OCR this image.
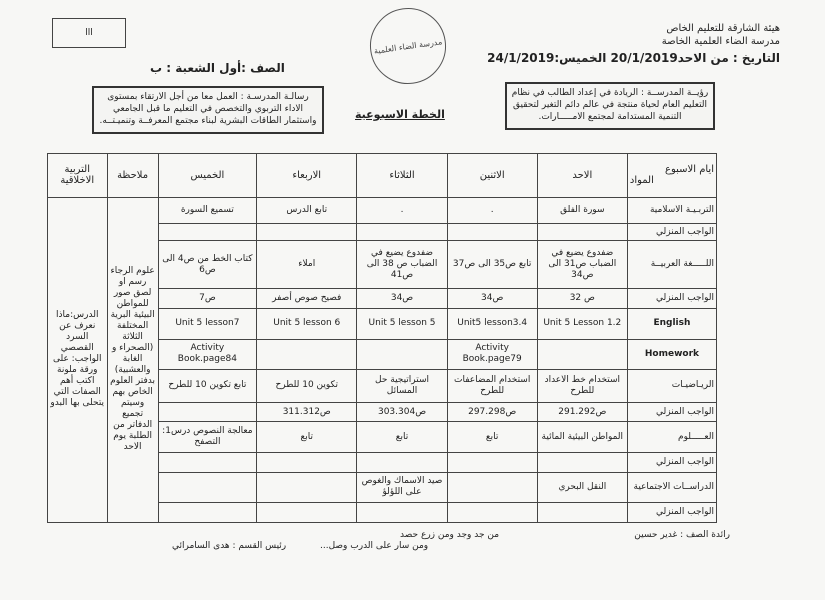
هيئة الشارقة للتعليم الخاص
مدرسة الضاء العلمية الخاصة
التاريخ : من الاحد20/1/2019 الخميس:24/1/2019
الصف :أول الشعبة : ب
مدرسة الضاء العلمية
ااا
رؤيــة المدرســة : الريادة في إعداد الطالب في نظام التعليم العام لحياة منتجة في عالم دائم التغير لتحقيق التنمية المستدامة لمجتمع الامـــــارات.
رسالـة المدرسـة : العمل معا من أجل الارتقاء بمستوى الاداء التربوي والتخصص في التعليم ما قبل الجامعي واستثمار الطاقات البشرية لبناء مجتمع المعرفــة وتنميـتــه.	الخطة الاسبوعية
ايام الاسبوع
المواد	الاحد	الاثنين	الثلاثاء	الاربعاء	الخميس	ملاحظة	التربية الاخلاقية
التربـيـة الاسلامية	سورة الفلق	.	.	تابع الدرس	تسميع السورة	علوم الرجاء رسم او لصق صور للمواطن البيئية البرية المختلفة الثلاثة (الصحراء و الغابة والعشبية) بدفتر العلوم الخاص بهم وسيتم تجميع الدفاتر من الطلبة يوم الاحد	الدرس:ماذا نعرف عن السرد القصصي الواجب: على ورقة ملونة اكتب أهم الصفات التي يتحلى بها البدو
الواجب المنزلي							
اللـــــغة العربيــة	ضفدوع يضيع في الضباب ص31 الى ص34	تابع ص35 الى ص37	ضفدوع يضيع في الضباب ص 38 الى ص41	املاء	كتاب الخط من ص4 الى ص6		
الواجب المنزلي	ص 32	ص34	ص34	فصيح صوص أصفر	ص7		
English	Unit 5 Lesson 1.2	Unit5 lesson3.4	Unit 5 lesson 5	Unit 5 lesson 6	Unit 5 lesson7		
Homework		Activity Book.page79			Activity Book.page84		
الريـاضيـات	استخدام خط الاعداد للطرح	استخدام المضاعفات للطرح	استراتيجية حل المسائل	تكوين 10 للطرح	تابع تكوين 10 للطرح		
الواجب المنزلي	ص291.292	ص297.298	ص303.304	ص311.312			
العـــــلوم	المواطن البيئية المائية	تابع	تابع	تابع	معالجة النصوص درس1: التصفح		
الواجب المنزلي							
الدراســات الاجتماعية	النقل البحري		صيد الاسماك والغوص على اللؤلؤ				
الواجب المنزلي							
رائدة الصف : غدير حسين
من جد وجد ومن زرع حصد
ومن سار على الدرب وصل...
رئيس القسم : هدى السامرائي
